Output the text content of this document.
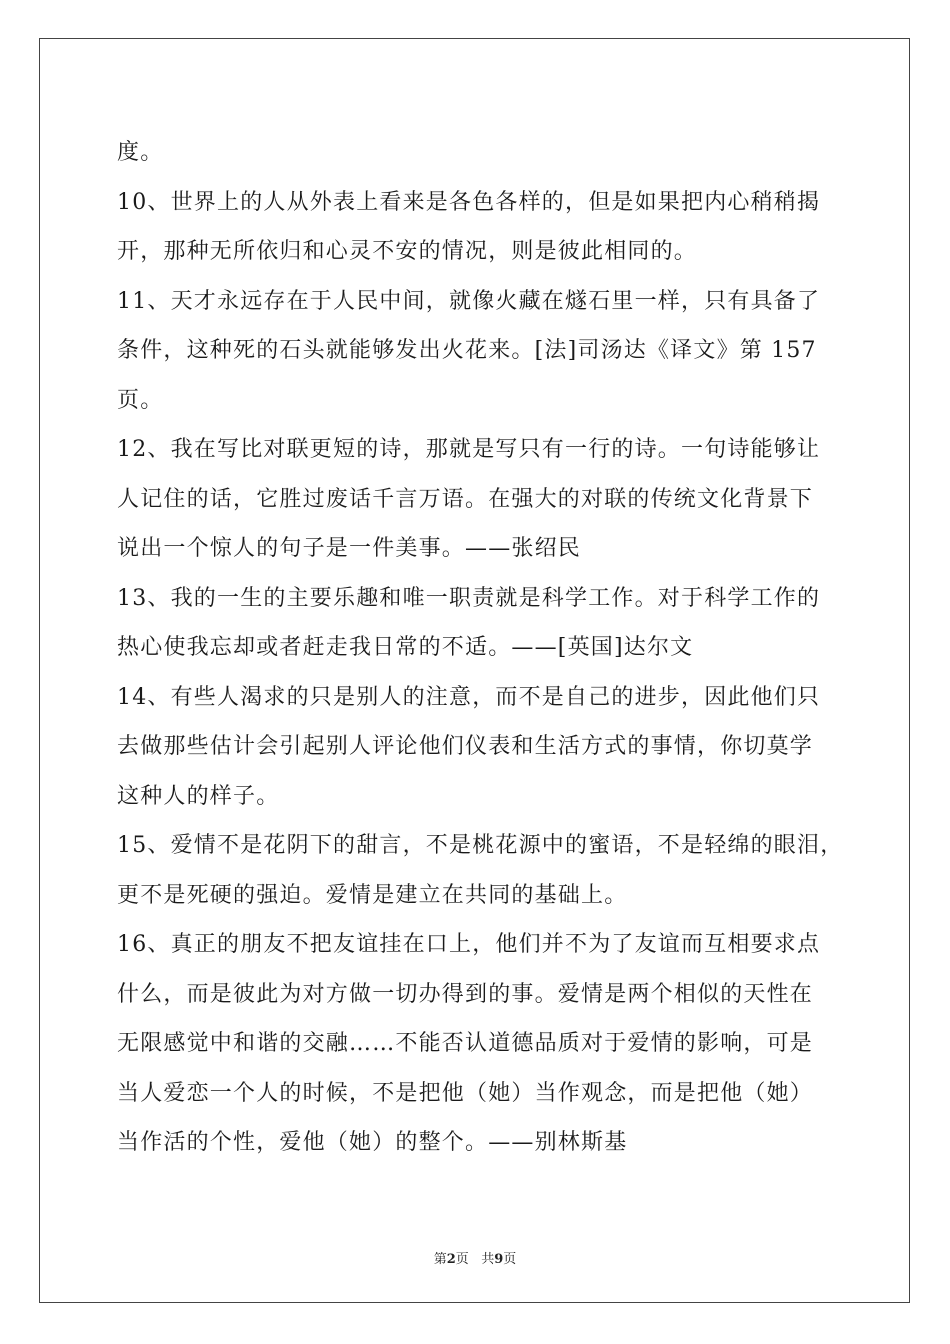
度。
10、世界上的人从外表上看来是各色各样的，但是如果把内心稍稍揭
开，那种无所依归和心灵不安的情况，则是彼此相同的。
11、天才永远存在于人民中间，就像火藏在燧石里一样，只有具备了
条件，这种死的石头就能够发出火花来。[法]司汤达《译文》第 157
页。
12、我在写比对联更短的诗，那就是写只有一行的诗。一句诗能够让
人记住的话，它胜过废话千言万语。在强大的对联的传统文化背景下
说出一个惊人的句子是一件美事。——张绍民
13、我的一生的主要乐趣和唯一职责就是科学工作。对于科学工作的
热心使我忘却或者赶走我日常的不适。——[英国]达尔文
14、有些人渴求的只是别人的注意，而不是自己的进步，因此他们只
去做那些估计会引起别人评论他们仪表和生活方式的事情，你切莫学
这种人的样子。
15、爱情不是花阴下的甜言，不是桃花源中的蜜语，不是轻绵的眼泪，
更不是死硬的强迫。爱情是建立在共同的基础上。
16、真正的朋友不把友谊挂在口上，他们并不为了友谊而互相要求点
什么，而是彼此为对方做一切办得到的事。爱情是两个相似的天性在
无限感觉中和谐的交融……不能否认道德品质对于爱情的影响，可是
当人爱恋一个人的时候，不是把他（她）当作观念，而是把他（她）
当作活的个性，爱他（她）的整个。——别林斯基
第2页 共9页
